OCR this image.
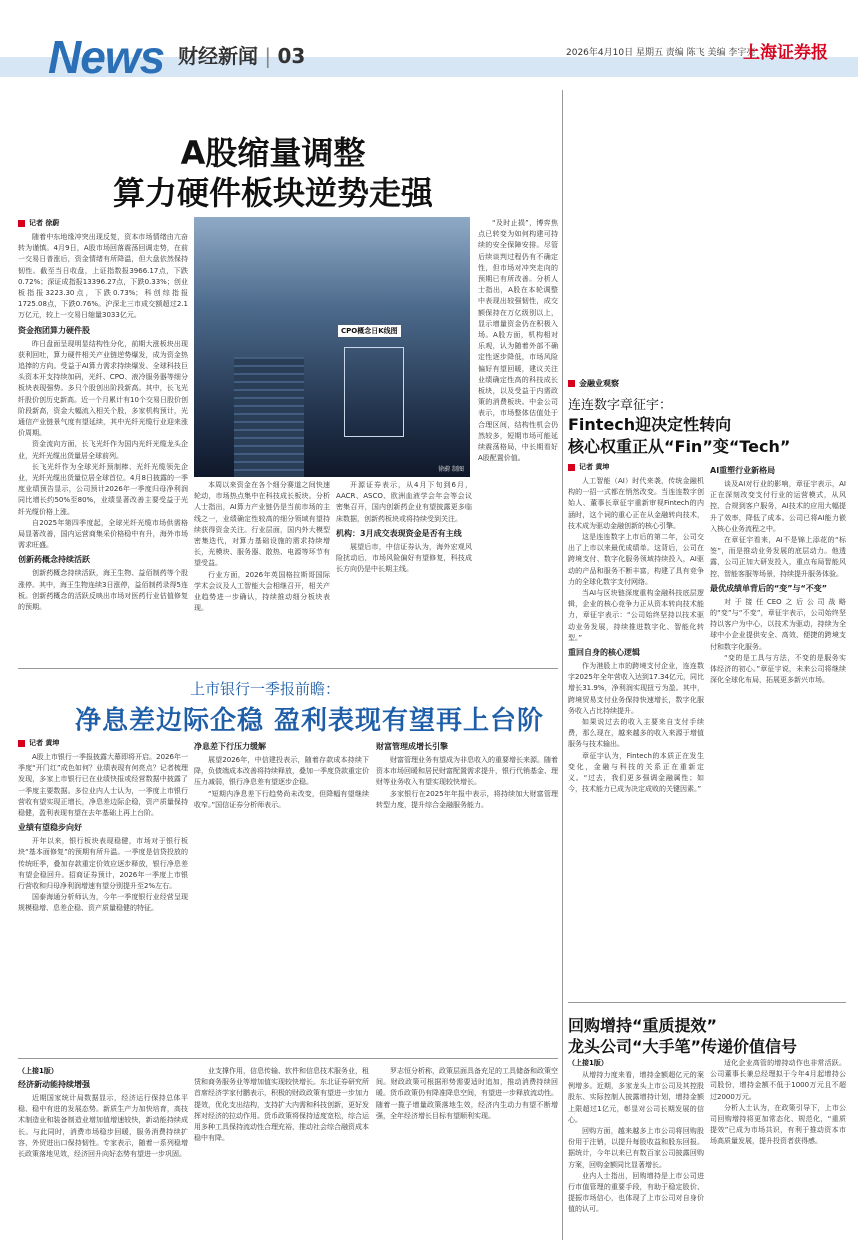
News 财经新闻 | 03	2026年4月10日 星期五 责编 陈飞 美编 李宇亮
上海证券报
A股缩量调整
算力硬件板块逆势走强
记者 徐蔚

随着中东地缘冲突出现反复，资本市场情绪由亢奋转为谨慎。4月9日，A股市场回落震荡回调走势，在前一交易日普涨后，资金情绪有所降温，但大盘依然保持韧性。截至当日收盘，上证指数报3966.17点，下跌0.72%；深证成指报13396.27点，下跌0.33%；创业板指报3223.30点，下跌0.73%；科创综指报1725.08点，下跌0.76%。沪深北三市成交额超过2.1万亿元，较上一交易日缩量3033亿元。

资金抱团算力硬件股

昨日盘面呈现明显结构性分化，前期大涨板块出现获利回吐，算力硬件相关产业链逆势爆发，成为资金热追捧的方向。受益于AI算力需求持续爆发、全球科技巨头资本开支持续加码，光纤、CPO、液冷服务器等细分板块表现强势。多只个股创出阶段新高。其中，长飞光纤股价创历史新高。近一个月累计有10个交易日股价创阶段新高，资金大幅流入相关个股，多家机构预计，光通信产业链景气度有望延续，其中光纤光缆行业迎来涨价周期。

资金流向方面，长飞光纤作为国内光纤光缆龙头企业，光纤光缆出货量居全球前列。

长飞光纤作为全球光纤预制棒、光纤光缆领先企业，光纤光缆出货量位居全球首位。4月8日披露的一季度业绩预告显示，公司预计2026年一季度归母净利润同比增长约50%至80%，业绩显著改善主要受益于光纤光缆价格上涨。

自2025年第四季度起，全球光纤光缆市场供需格局显著改善，国内运营商集采价格稳中有升，海外市场需求旺盛。

创新药概念持续活跃

创新药概念持续活跃，海王生物、益佰制药等个股涨停。其中，海王生物连续3日涨停，益佰制药录得5连板。创新药概念的活跃反映出市场对医药行业估值修复的预期。

CPO概念日K线图
徐蔚 制图

本周以来资金在各个细分赛道之间快速轮动，市场热点集中在科技成长板块。分析人士指出，AI算力产业链仍是当前市场的主线之一，业绩确定性较高的细分领域有望持续获得资金关注。行业层面，国内外大模型密集迭代，对算力基础设施的需求持续增长，光模块、服务器、散热、电源等环节有望受益。

行业方面，2026年英国格拉斯哥国际学术会议及人工智能大会相继召开，相关产业趋势进一步确认，持续推动细分板块表现。

开源证券表示，从4月下旬到6月，AACR、ASCO、欧洲血液学会年会等会议密集召开，国内创新药企业有望披露更多临床数据，创新药板块或将持续受到关注。

机构：3月成交表现资金是否有主线

展望后市，中信证券认为，海外宏观风险扰动后，市场风险偏好有望修复，科技成长方向仍是中长期主线。

“及时止损”，博弈焦点已转变为如何构建可持续的安全保障安排。尽管后续谈判过程仍有不确定性，但市场对冲突走向的预期已有所改善。分析人士指出，A股在本轮调整中表现出较强韧性，成交额保持在万亿级别以上，显示增量资金仍在积极入场。A股方面，机构相对乐观，认为随着外部不确定性逐步降低，市场风险偏好有望回暖，建议关注业绩确定性高的科技成长板块，以及受益于内需政策的消费板块。中金公司表示，市场整体估值处于合理区间，结构性机会仍然较多，短期市场可能延续震荡格局，中长期看好A股配置价值。

上市银行一季报前瞻：
净息差边际企稳 盈利表现有望再上台阶
记者 黄坤

A股上市银行一季报披露大幕即将开启。2026年一季度“开门红”成色如何？业绩表现有何亮点？记者梳理发现，多家上市银行已在业绩快报或经营数据中披露了一季度主要数据。多位业内人士认为，一季度上市银行营收有望实现正增长，净息差边际企稳，资产质量保持稳健，盈利表现有望在去年基础上再上台阶。

业绩有望稳步向好

开年以来，银行板块表现稳健，市场对于银行板块“基本面修复”的预期有所升温。一季度是信贷投放的传统旺季，叠加存款重定价效应逐步释放，银行净息差有望企稳回升。招商证券预计，2026年一季度上市银行营收和归母净利润增速有望分别提升至2%左右。

国泰海通分析师认为，今年一季度银行业经营呈现规模稳增、息差企稳、资产质量稳健的特征。

净息差下行压力缓解

展望2026年，中信建投表示，随着存款成本持续下降，负债端成本改善将持续释放，叠加一季度贷款重定价压力减弱，银行净息差有望逐步企稳。

“短期内净息差下行趋势尚未改变，但降幅有望继续收窄。”国信证券分析师表示。

财富管理成增长引擎

财富管理业务有望成为非息收入的重要增长来源。随着资本市场回暖和居民财富配置需求提升，银行代销基金、理财等业务收入有望实现较快增长。

多家银行在2025年年报中表示，将持续加大财富管理转型力度，提升综合金融服务能力。

（上接1版）
经济新动能持续增强

近期国家统计局数据显示，经济运行保持总体平稳、稳中有进的发展态势。新质生产力加快培育，高技术制造业和装备制造业增加值增速较快，新动能持续成长。与此同时，消费市场稳步回暖，服务消费持续扩容，外贸进出口保持韧性。专家表示，随着一系列稳增长政策落地见效，经济回升向好态势有望进一步巩固。

业支撑作用，信息传输、软件和信息技术服务业，租赁和商务服务业等增加值实现较快增长。东北证券研究所首席经济学家付鹏表示，积极的财政政策有望进一步加力提效，优化支出结构，支持扩大内需和科技创新，更好发挥对经济的拉动作用。货币政策将保持适度宽松，综合运用多种工具保持流动性合理充裕，推动社会综合融资成本稳中有降。

罗志恒分析称，政策层面具备充足的工具储备和政策空间。财政政策可根据形势需要适时追加，推动消费持续回暖。货币政策仍有降准降息空间，有望进一步释放流动性。随着一揽子增量政策落地生效，经济内生动力有望不断增强，全年经济增长目标有望顺利实现。

金融业观察
连连数字章征宇：
Fintech迎决定性转向
核心权重正从“Fin”变“Tech”
记者 黄坤

人工智能（AI）时代来袭，传统金融机构的一招一式都在悄然改变。当连连数字创始人、董事长章征宇重新审视Fintech的内涵时，这个词的重心正在从金融转向技术，技术成为驱动金融创新的核心引擎。

这是连连数字上市后的第二年，公司交出了上市以来最优成绩单。这背后，公司在跨境支付、数字化服务领域持续投入，AI驱动的产品和服务不断丰富，构建了具有竞争力的全球化数字支付网络。

当AI与区块链深度重构金融科技底层逻辑，企业的核心竞争力正从资本转向技术能力，章征宇表示：“公司始终坚持以技术驱动业务发展，持续推进数字化、智能化转型。”

重回自身的核心逻辑

作为港股上市的跨境支付企业，连连数字2025年全年营收入达到17.34亿元，同比增长31.9%，净利润实现扭亏为盈。其中，跨境贸易支付业务保持快速增长，数字化服务收入占比持续提升。

如果说过去的收入主要来自支付手续费，那么现在，越来越多的收入来源于增值服务与技术输出。

章征宇认为，Fintech的本质正在发生变化，金融与科技的关系正在重新定义。“过去，我们更多强调金融属性；如今，技术能力已成为决定成败的关键因素。”

AI重塑行业新格局

谈及AI对行业的影响，章征宇表示，AI正在深刻改变支付行业的运营模式，从风控、合规到客户服务，AI技术的应用大幅提升了效率，降低了成本。公司已将AI能力嵌入核心业务流程之中。

在章征宇看来，AI不是锦上添花的“标签”，而是推动业务发展的底层动力。他透露，公司正加大研发投入，重点布局智能风控、智能客服等场景，持续提升服务体验。

最优成绩单背后的“变”与“不变”

对于接任CEO之后公司战略的“变”与“不变”，章征宇表示，公司始终坚持以客户为中心，以技术为驱动，持续为全球中小企业提供安全、高效、便捷的跨境支付和数字化服务。

“变的是工具与方法，不变的是服务实体经济的初心。”章征宇说，未来公司将继续深化全球化布局，拓展更多新兴市场。

回购增持“重质提效”
龙头公司“大手笔”传递价值信号
（上接1版）

从增持力度来看，增持金额超亿元的案例增多。近期，多家龙头上市公司及其控股股东、实际控制人披露增持计划，增持金额上限超过1亿元，彰显对公司长期发展的信心。

回购方面，越来越多上市公司将回购股份用于注销，以提升每股收益和股东回报。据统计，今年以来已有数百家公司披露回购方案，回购金额同比显著增长。

业内人士指出，回购增持是上市公司进行市值管理的重要手段，有助于稳定股价、提振市场信心，也体现了上市公司对自身价值的认可。

适化企业高管的增持动作也非常活跃。公司董事长兼总经理拟于今年4月起增持公司股份，增持金额不低于1000万元且不超过2000万元。

分析人士认为，在政策引导下，上市公司回购增持将更加常态化、规范化，“重质提效”已成为市场共识，有利于推动资本市场高质量发展，提升投资者获得感。
